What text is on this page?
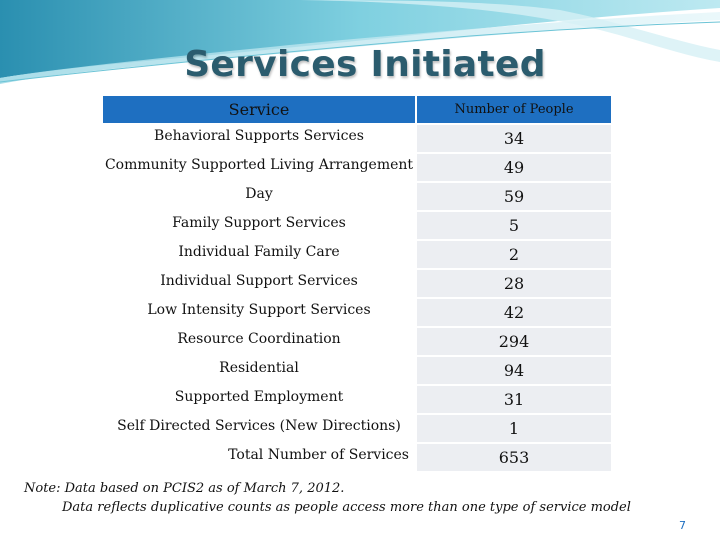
Services Initiated
Service	Number of People
Behavioral Supports Services	34
Community Supported Living Arrangement	49
Day	59
Family Support Services	5
Individual Family Care	2
Individual Support Services	28
Low Intensity Support Services	42
Resource Coordination	294
Residential	94
Supported Employment	31
Self Directed Services (New Directions)	1
Total Number of Services	653
Note: Data based on PCIS2 as of March 7, 2012.
Data reflects duplicative counts as people access more than one type of service model
7
